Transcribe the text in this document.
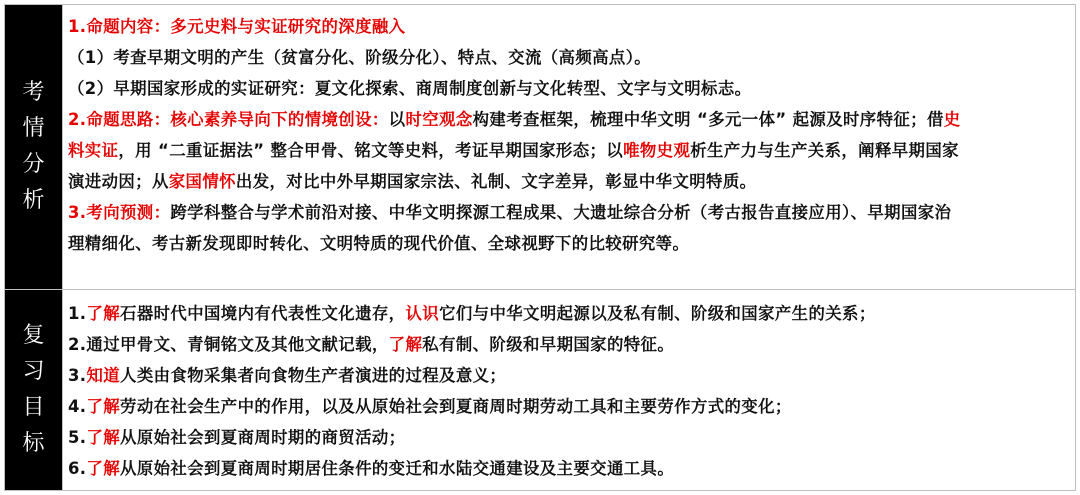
考
情
分
析
1.命题内容：多元史料与实证研究的深度融入
（1）考查早期文明的产生（贫富分化、阶级分化）、特点、交流（高频高点）。
（2）早期国家形成的实证研究：夏文化探索、商周制度创新与文化转型、文字与文明标志。
2.命题思路：核心素养导向下的情境创设：以时空观念构建考查框架，梳理中华文明 “多元一体” 起源及时序特征；借史
料实证，用 “二重证据法” 整合甲骨、铭文等史料，考证早期国家形态；以唯物史观析生产力与生产关系，阐释早期国家
演进动因；从家国情怀出发，对比中外早期国家宗法、礼制、文字差异，彰显中华文明特质。
3.考向预测：跨学科整合与学术前沿对接、中华文明探源工程成果、大遗址综合分析（考古报告直接应用）、早期国家治
理精细化、考古新发现即时转化、文明特质的现代价值、全球视野下的比较研究等。
复
习
目
标
1.了解石器时代中国境内有代表性文化遗存，认识它们与中华文明起源以及私有制、阶级和国家产生的关系；
2.通过甲骨文、青铜铭文及其他文献记载，了解私有制、阶级和早期国家的特征。
3.知道人类由食物采集者向食物生产者演进的过程及意义；
4.了解劳动在社会生产中的作用，以及从原始社会到夏商周时期劳动工具和主要劳作方式的变化；
5.了解从原始社会到夏商周时期的商贸活动；
6.了解从原始社会到夏商周时期居住条件的变迁和水陆交通建设及主要交通工具。
